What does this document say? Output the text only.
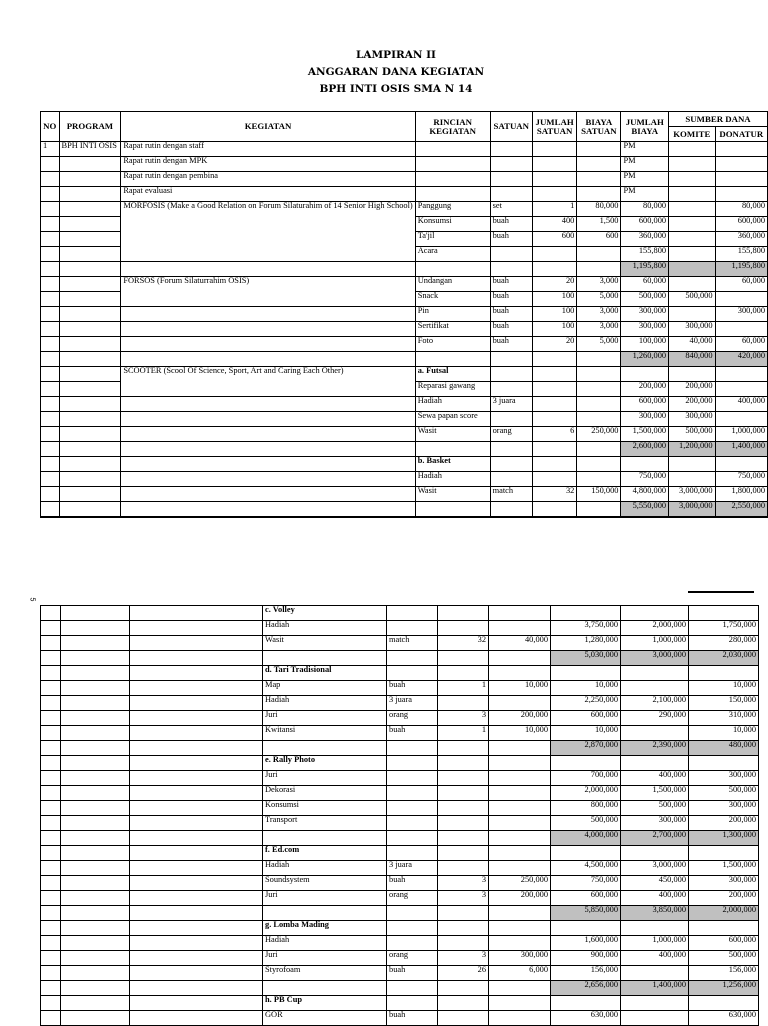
LAMPIRAN II
ANGGARAN DANA KEGIATAN
BPH INTI OSIS SMA N 14
NO	PROGRAM	KEGIATAN	RINCIAN KEGIATAN	SATUAN	JUMLAH SATUAN	BIAYA SATUAN	JUMLAH BIAYA	SUMBER DANA	
								KOMITE	DONATUR
1	BPH INTI OSIS	Rapat rutin dengan staff					PM		
		Rapat rutin dengan MPK					PM		
		Rapat rutin dengan pembina					PM		
		Rapat evaluasi					PM		
		MORFOSIS (Make a Good Relation on Forum Silaturahim of 14 Senior High School)	Panggung	set	1	80,000	80,000		80,000
			Konsumsi	buah	400	1,500	600,000		600,000
			Ta'jil	buah	600	600	360,000		360,000
			Acara				155,800		155,800
							1,195,800		1,195,800
		FORSOS (Forum Silaturrahim OSIS)	Undangan	buah	20	3,000	60,000		60,000
			Snack	buah	100	5,000	500,000	500,000	
			Pin	buah	100	3,000	300,000		300,000
			Sertifikat	buah	100	3,000	300,000	300,000	
			Foto	buah	20	5,000	100,000	40,000	60,000
							1,260,000	840,000	420,000
		SCOOTER (Scool Of Science, Sport, Art and Caring Each Other)	a. Futsal						
			Reparasi gawang				200,000	200,000	
			Hadiah	3 juara			600,000	200,000	400,000
			Sewa papan score				300,000	300,000	
			Wasit	orang	6	250,000	1,500,000	500,000	1,000,000
							2,600,000	1,200,000	1,400,000
			b. Basket						
			Hadiah				750,000		750,000
			Wasit	match	32	150,000	4,800,000	3,000,000	1,800,000
							5,550,000	3,000,000	2,550,000
5
			c. Volley						
			Hadiah				3,750,000	2,000,000	1,750,000
			Wasit	match	32	40,000	1,280,000	1,000,000	280,000
							5,030,000	3,000,000	2,030,000
			d. Tari Tradisional						
			Map	buah	1	10,000	10,000		10,000
			Hadiah	3 juara			2,250,000	2,100,000	150,000
			Juri	orang	3	200,000	600,000	290,000	310,000
			Kwitansi	buah	1	10,000	10,000		10,000
							2,870,000	2,390,000	480,000
			e. Rally Photo						
			Juri				700,000	400,000	300,000
			Dekorasi				2,000,000	1,500,000	500,000
			Konsumsi				800,000	500,000	300,000
			Transport				500,000	300,000	200,000
							4,000,000	2,700,000	1,300,000
			f. Ed.com						
			Hadiah	3 juara			4,500,000	3,000,000	1,500,000
			Soundsystem	buah	3	250,000	750,000	450,000	300,000
			Juri	orang	3	200,000	600,000	400,000	200,000
							5,850,000	3,850,000	2,000,000
			g. Lomba Mading						
			Hadiah				1,600,000	1,000,000	600,000
			Juri	orang	3	300,000	900,000	400,000	500,000
			Styrofoam	buah	26	6,000	156,000		156,000
							2,656,000	1,400,000	1,256,000
			h. PB Cup						
			GOR	buah			630,000		630,000
